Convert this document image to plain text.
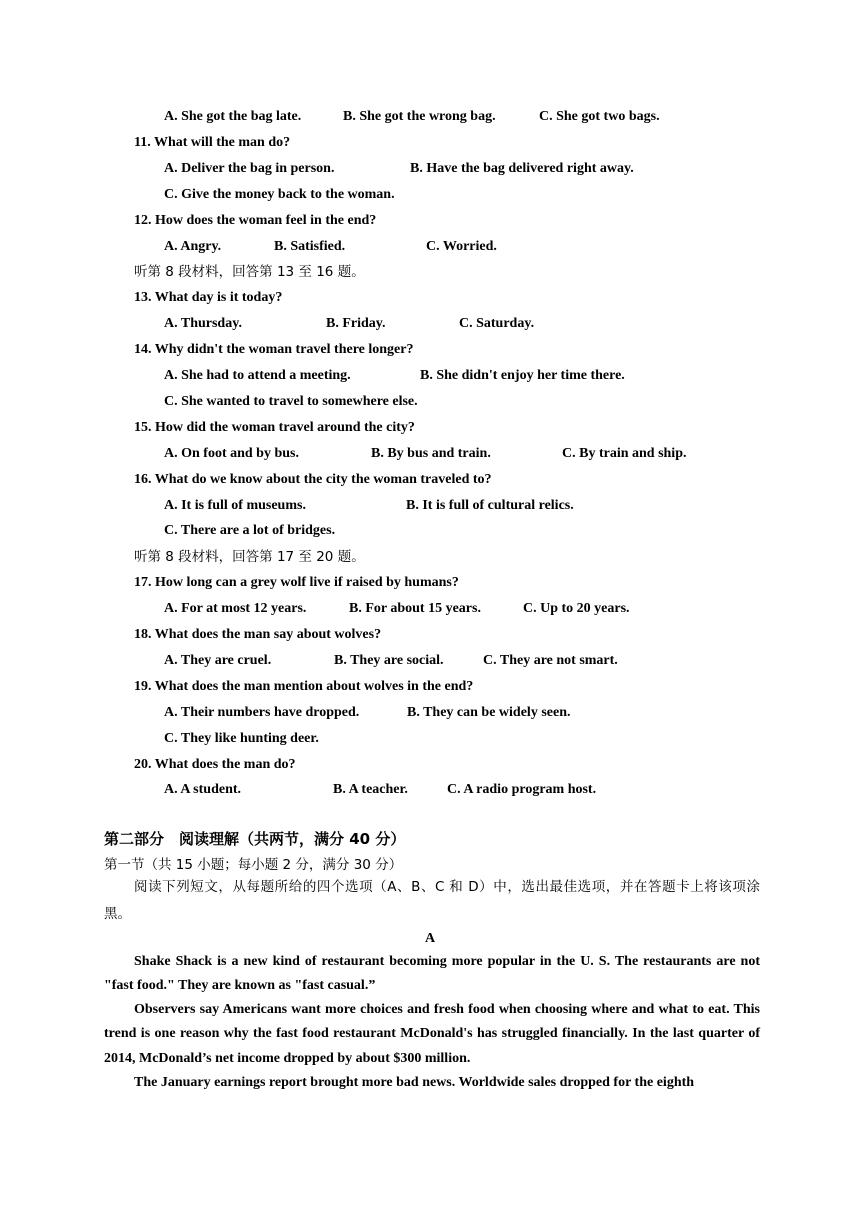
A. She got the bag late.	B. She got the wrong bag.	C. She got two bags.
11. What will the man do?
A. Deliver the bag in person.	B. Have the bag delivered right away.
C. Give the money back to the woman.
12. How does the woman feel in the end?
A. Angry.	B. Satisfied.	C. Worried.
听第 8 段材料，回答第 13 至 16 题。
13. What day is it today?
A. Thursday.	B. Friday.	C. Saturday.
14. Why didn't the woman travel there longer?
A. She had to attend a meeting.	B. She didn't enjoy her time there.
C. She wanted to travel to somewhere else.
15. How did the woman travel around the city?
A. On foot and by bus.	B. By bus and train.	C. By train and ship.
16. What do we know about the city the woman traveled to?
A. It is full of museums.	B. It is full of cultural relics.
C. There are a lot of bridges.
听第 8 段材料，回答第 17 至 20 题。
17. How long can a grey wolf live if raised by humans?
A. For at most 12 years.	B. For about 15 years.	C. Up to 20 years.
18. What does the man say about wolves?
A. They are cruel.	B. They are social.	C. They are not smart.
19. What does the man mention about wolves in the end?
A. Their numbers have dropped.	B. They can be widely seen.
C. They like hunting deer.
20. What does the man do?
A. A student.	B. A teacher.	C. A radio program host.
第二部分　阅读理解（共两节，满分 40 分）
第一节（共 15 小题；每小题 2 分，满分 30 分）

阅读下列短文，从每题所给的四个选项（A、B、C 和 D）中，选出最佳选项，并在答题卡上将该项涂黑。

A

Shake Shack is a new kind of restaurant becoming more popular in the U. S. The restaurants are not "fast food." They are known as "fast casual.”

Observers say Americans want more choices and fresh food when choosing where and what to eat. This trend is one reason why the fast food restaurant McDonald's has struggled financially. In the last quarter of 2014, McDonald’s net income dropped by about $300 million.

The January earnings report brought more bad news. Worldwide sales dropped for the eighth
